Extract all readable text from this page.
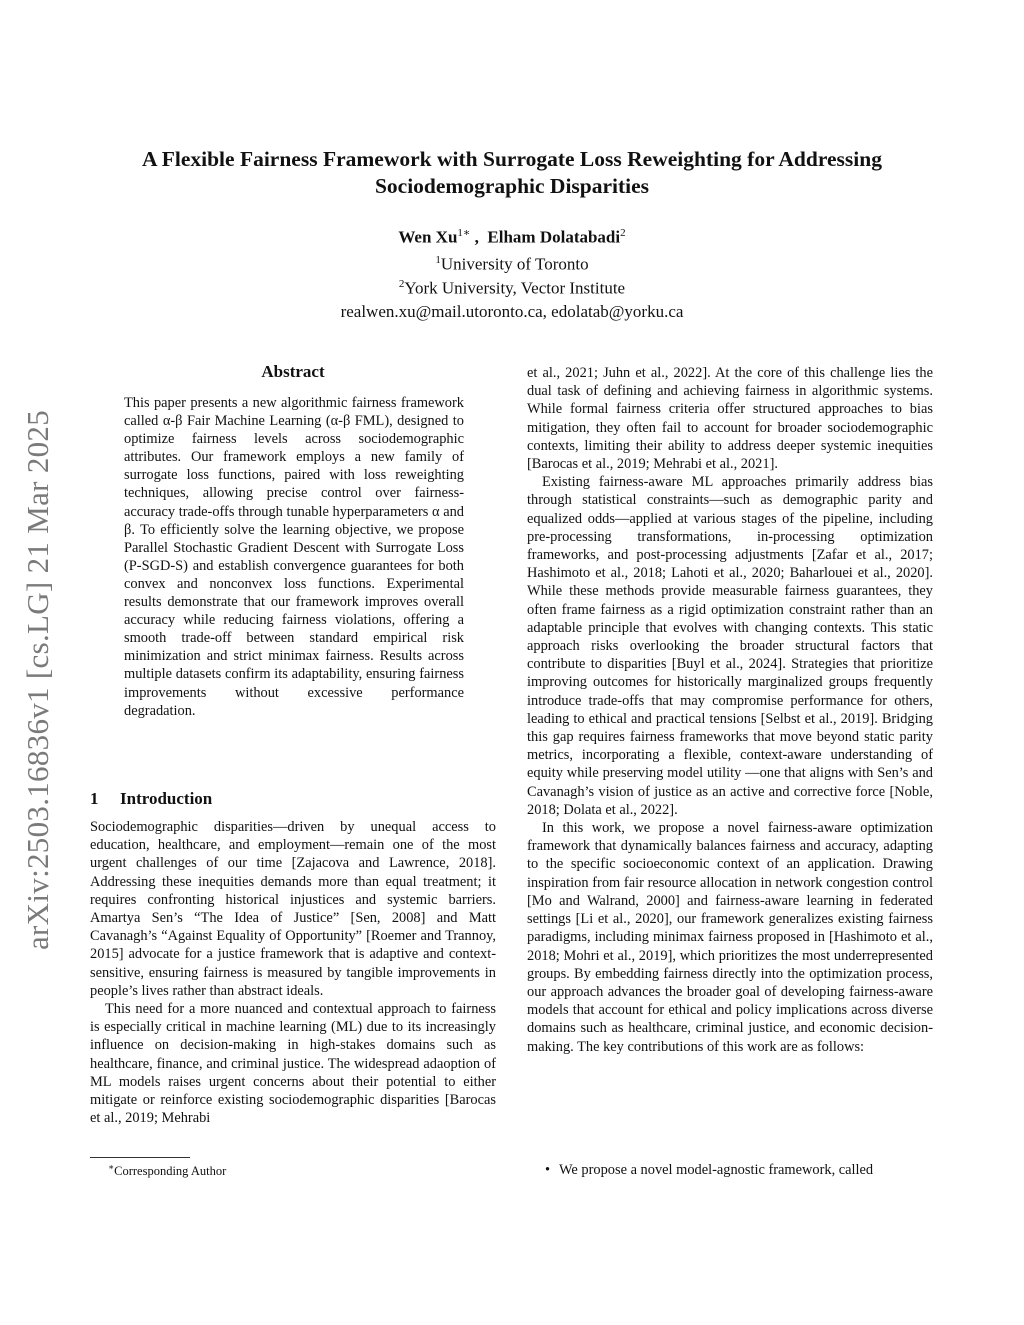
arXiv:2503.16836v1 [cs.LG] 21 Mar 2025
A Flexible Fairness Framework with Surrogate Loss Reweighting for Addressing
Sociodemographic Disparities
Wen $Xu^{1∗}$ ,  Elham Dolatabadi$^2$
$^1$University of Toronto
$^2$York University, Vector Institute
realwen.xu@mail.utoronto.ca, edolatab@yorku.ca
Abstract
This paper presents a new algorithmic fairness framework called α-β Fair Machine Learning (α-β FML), designed to optimize fairness levels across sociodemographic attributes. Our framework employs a new family of surrogate loss functions, paired with loss reweighting techniques, allowing precise control over fairness-accuracy trade-offs through tunable hyperparameters α and β. To efficiently solve the learning objective, we propose Parallel Stochastic Gradient Descent with Surrogate Loss (P-SGD-S) and establish convergence guarantees for both convex and nonconvex loss functions. Experimental results demonstrate that our framework improves overall accuracy while reducing fairness violations, offering a smooth trade-off between standard empirical risk minimization and strict minimax fairness. Results across multiple datasets confirm its adaptability, ensuring fairness improvements without excessive performance degradation.
1 Introduction

Sociodemographic disparities—driven by unequal access to education, healthcare, and employment—remain one of the most urgent challenges of our time [Zajacova and Lawrence, 2018]. Addressing these inequities demands more than equal treatment; it requires confronting historical injustices and systemic barriers. Amartya Sen’s “The Idea of Justice” [Sen, 2008] and Matt Cavanagh’s “Against Equality of Opportunity” [Roemer and Trannoy, 2015] advocate for a justice framework that is adaptive and context-sensitive, ensuring fairness is measured by tangible improvements in people’s lives rather than abstract ideals.

This need for a more nuanced and contextual approach to fairness is especially critical in machine learning (ML) due to its increasingly influence on decision-making in high-stakes domains such as healthcare, finance, and criminal justice. The widespread adaoption of ML models raises urgent concerns about their potential to either mitigate or reinforce existing sociodemographic disparities [Barocas et al., 2019; Mehrabi

∗Corresponding Author

et al., 2021; Juhn et al., 2022]. At the core of this challenge lies the dual task of defining and achieving fairness in algorithmic systems. While formal fairness criteria offer structured approaches to bias mitigation, they often fail to account for broader sociodemographic contexts, limiting their ability to address deeper systemic inequities [Barocas et al., 2019; Mehrabi et al., 2021].

Existing fairness-aware ML approaches primarily address bias through statistical constraints—such as demographic parity and equalized odds—applied at various stages of the pipeline, including pre-processing transformations, in-processing optimization frameworks, and post-processing adjustments [Zafar et al., 2017; Hashimoto et al., 2018; Lahoti et al., 2020; Baharlouei et al., 2020]. While these methods provide measurable fairness guarantees, they often frame fairness as a rigid optimization constraint rather than an adaptable principle that evolves with changing contexts. This static approach risks overlooking the broader structural factors that contribute to disparities [Buyl et al., 2024]. Strategies that prioritize improving outcomes for historically marginalized groups frequently introduce trade-offs that may compromise performance for others, leading to ethical and practical tensions [Selbst et al., 2019]. Bridging this gap requires fairness frameworks that move beyond static parity metrics, incorporating a flexible, context-aware understanding of equity while preserving model utility —one that aligns with Sen’s and Cavanagh’s vision of justice as an active and corrective force [Noble, 2018; Dolata et al., 2022].

In this work, we propose a novel fairness-aware optimization framework that dynamically balances fairness and accuracy, adapting to the specific socioeconomic context of an application. Drawing inspiration from fair resource allocation in network congestion control [Mo and Walrand, 2000] and fairness-aware learning in federated settings [Li et al., 2020], our framework generalizes existing fairness paradigms, including minimax fairness proposed in [Hashimoto et al., 2018; Mohri et al., 2019], which prioritizes the most underrepresented groups. By embedding fairness directly into the optimization process, our approach advances the broader goal of developing fairness-aware models that account for ethical and policy implications across diverse domains such as healthcare, criminal justice, and economic decision-making. The key contributions of this work are as follows:

• We propose a novel model-agnostic framework, called
